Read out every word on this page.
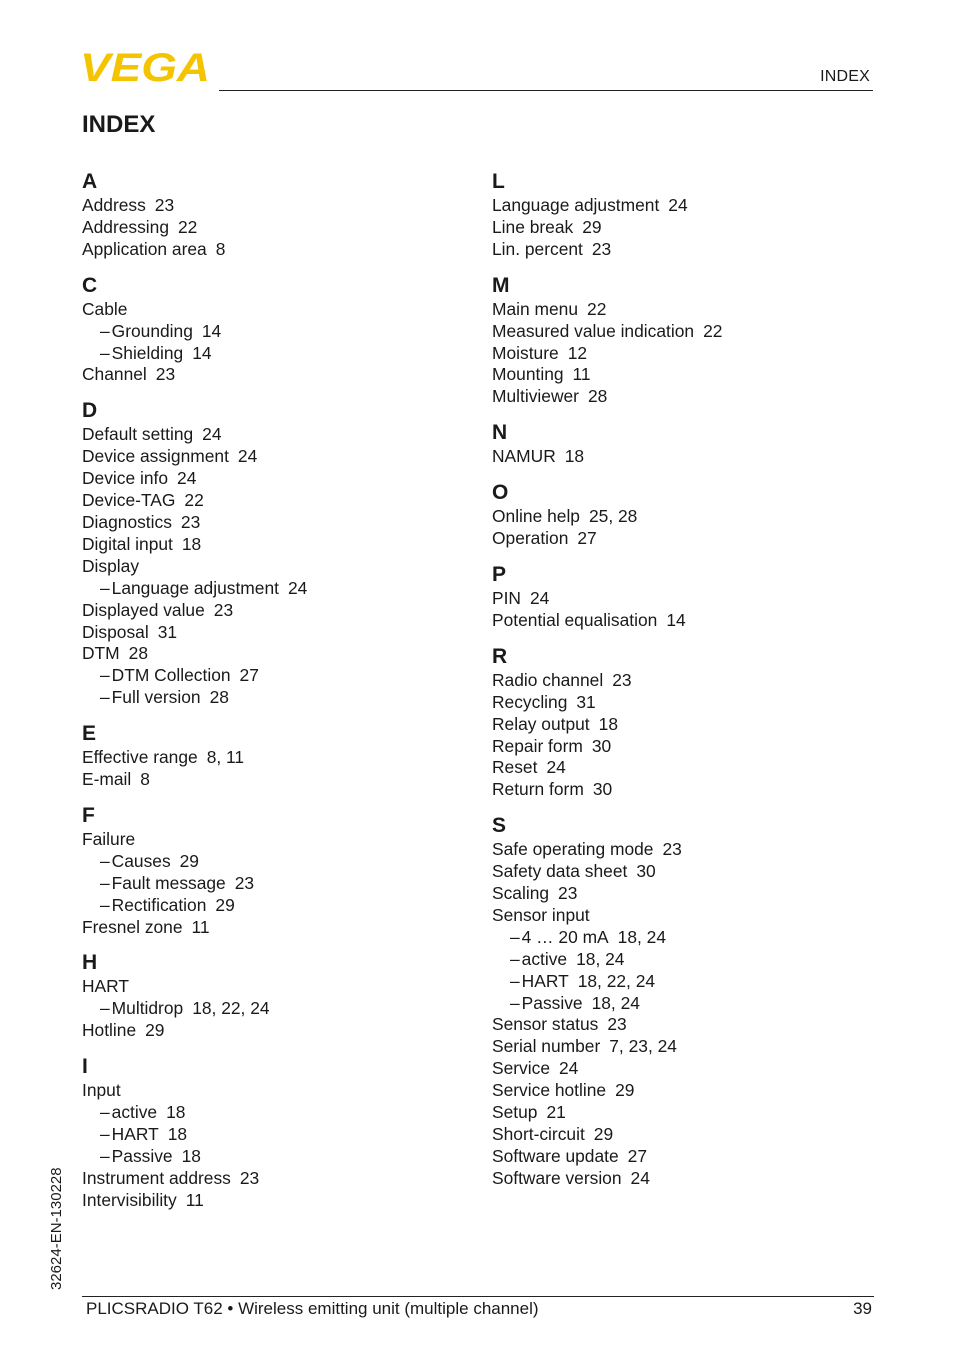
VEGA	INDEX
INDEX
A
Address 23
Addressing 22
Application area 8
C
Cable
– Grounding 14
– Shielding 14
Channel 23
D
Default setting 24
Device assignment 24
Device info 24
Device-TAG 22
Diagnostics 23
Digital input 18
Display
– Language adjustment 24
Displayed value 23
Disposal 31
DTM 28
– DTM Collection 27
– Full version 28
E
Effective range 8, 11
E-mail 8
F
Failure
– Causes 29
– Fault message 23
– Rectification 29
Fresnel zone 11
H
HART
– Multidrop 18, 22, 24
Hotline 29
I
Input
– active 18
– HART 18
– Passive 18
Instrument address 23
Intervisibility 11
L
Language adjustment 24
Line break 29
Lin. percent 23
M
Main menu 22
Measured value indication 22
Moisture 12
Mounting 11
Multiviewer 28
N
NAMUR 18
O
Online help 25, 28
Operation 27
P
PIN 24
Potential equalisation 14
R
Radio channel 23
Recycling 31
Relay output 18
Repair form 30
Reset 24
Return form 30
S
Safe operating mode 23
Safety data sheet 30
Scaling 23
Sensor input
– 4 … 20 mA 18, 24
– active 18, 24
– HART 18, 22, 24
– Passive 18, 24
Sensor status 23
Serial number 7, 23, 24
Service 24
Service hotline 29
Setup 21
Short-circuit 29
Software update 27
Software version 24
32624-EN-130228
PLICSRADIO T62 • Wireless emitting unit (multiple channel)	39
